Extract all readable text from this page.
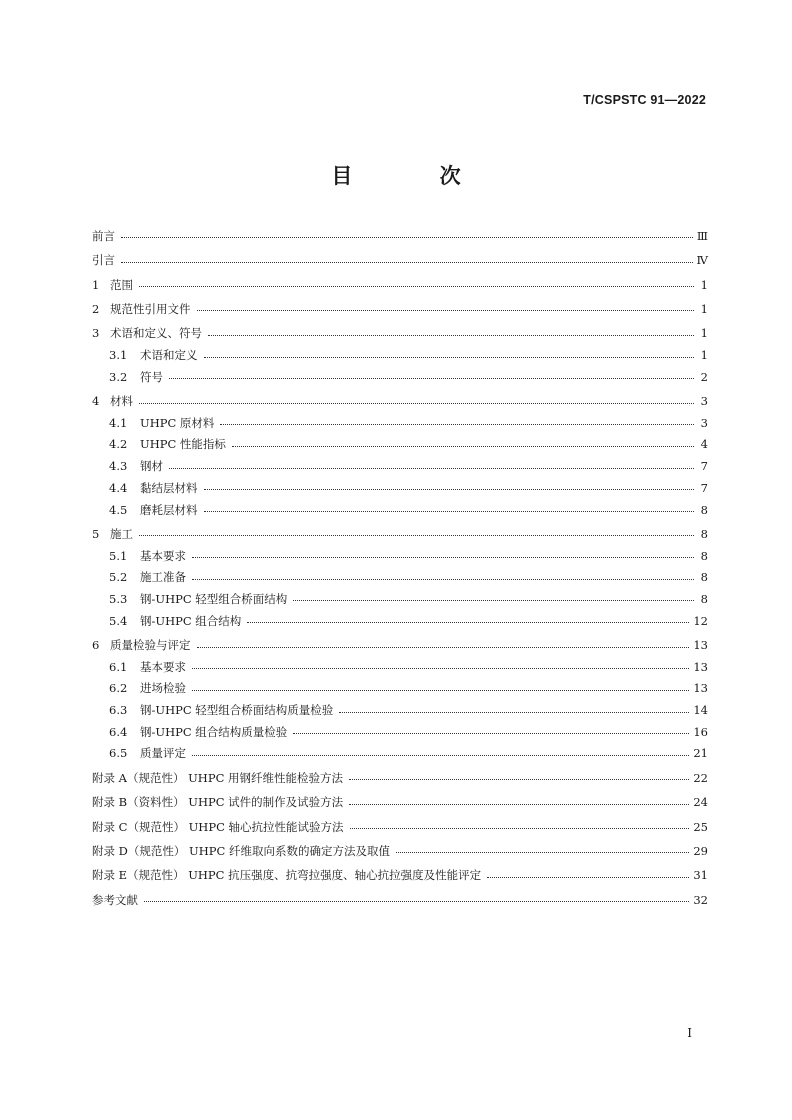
T/CSPSTC 91—2022
目 次
前言	Ⅲ
引言	Ⅳ
1 范围	1
2 规范性引用文件	1
3 术语和定义、符号	1
3.1	术语和定义	1
3.2	符号	2
4 材料	3
4.1	UHPC 原材料	3
4.2	UHPC 性能指标	4
4.3	钢材	7
4.4	黏结层材料	7
4.5	磨耗层材料	8
5 施工	8
5.1	基本要求	8
5.2	施工准备	8
5.3	钢-UHPC 轻型组合桥面结构	8
5.4	钢-UHPC 组合结构	12
6 质量检验与评定	13
6.1	基本要求	13
6.2	进场检验	13
6.3	钢-UHPC 轻型组合桥面结构质量检验	14
6.4	钢-UHPC 组合结构质量检验	16
6.5	质量评定	21
附录 A（规范性） UHPC 用钢纤维性能检验方法	22
附录 B（资料性） UHPC 试件的制作及试验方法	24
附录 C（规范性） UHPC 轴心抗拉性能试验方法	25
附录 D（规范性） UHPC 纤维取向系数的确定方法及取值	29
附录 E（规范性） UHPC 抗压强度、抗弯拉强度、轴心抗拉强度及性能评定	31
参考文献	32
Ⅰ
